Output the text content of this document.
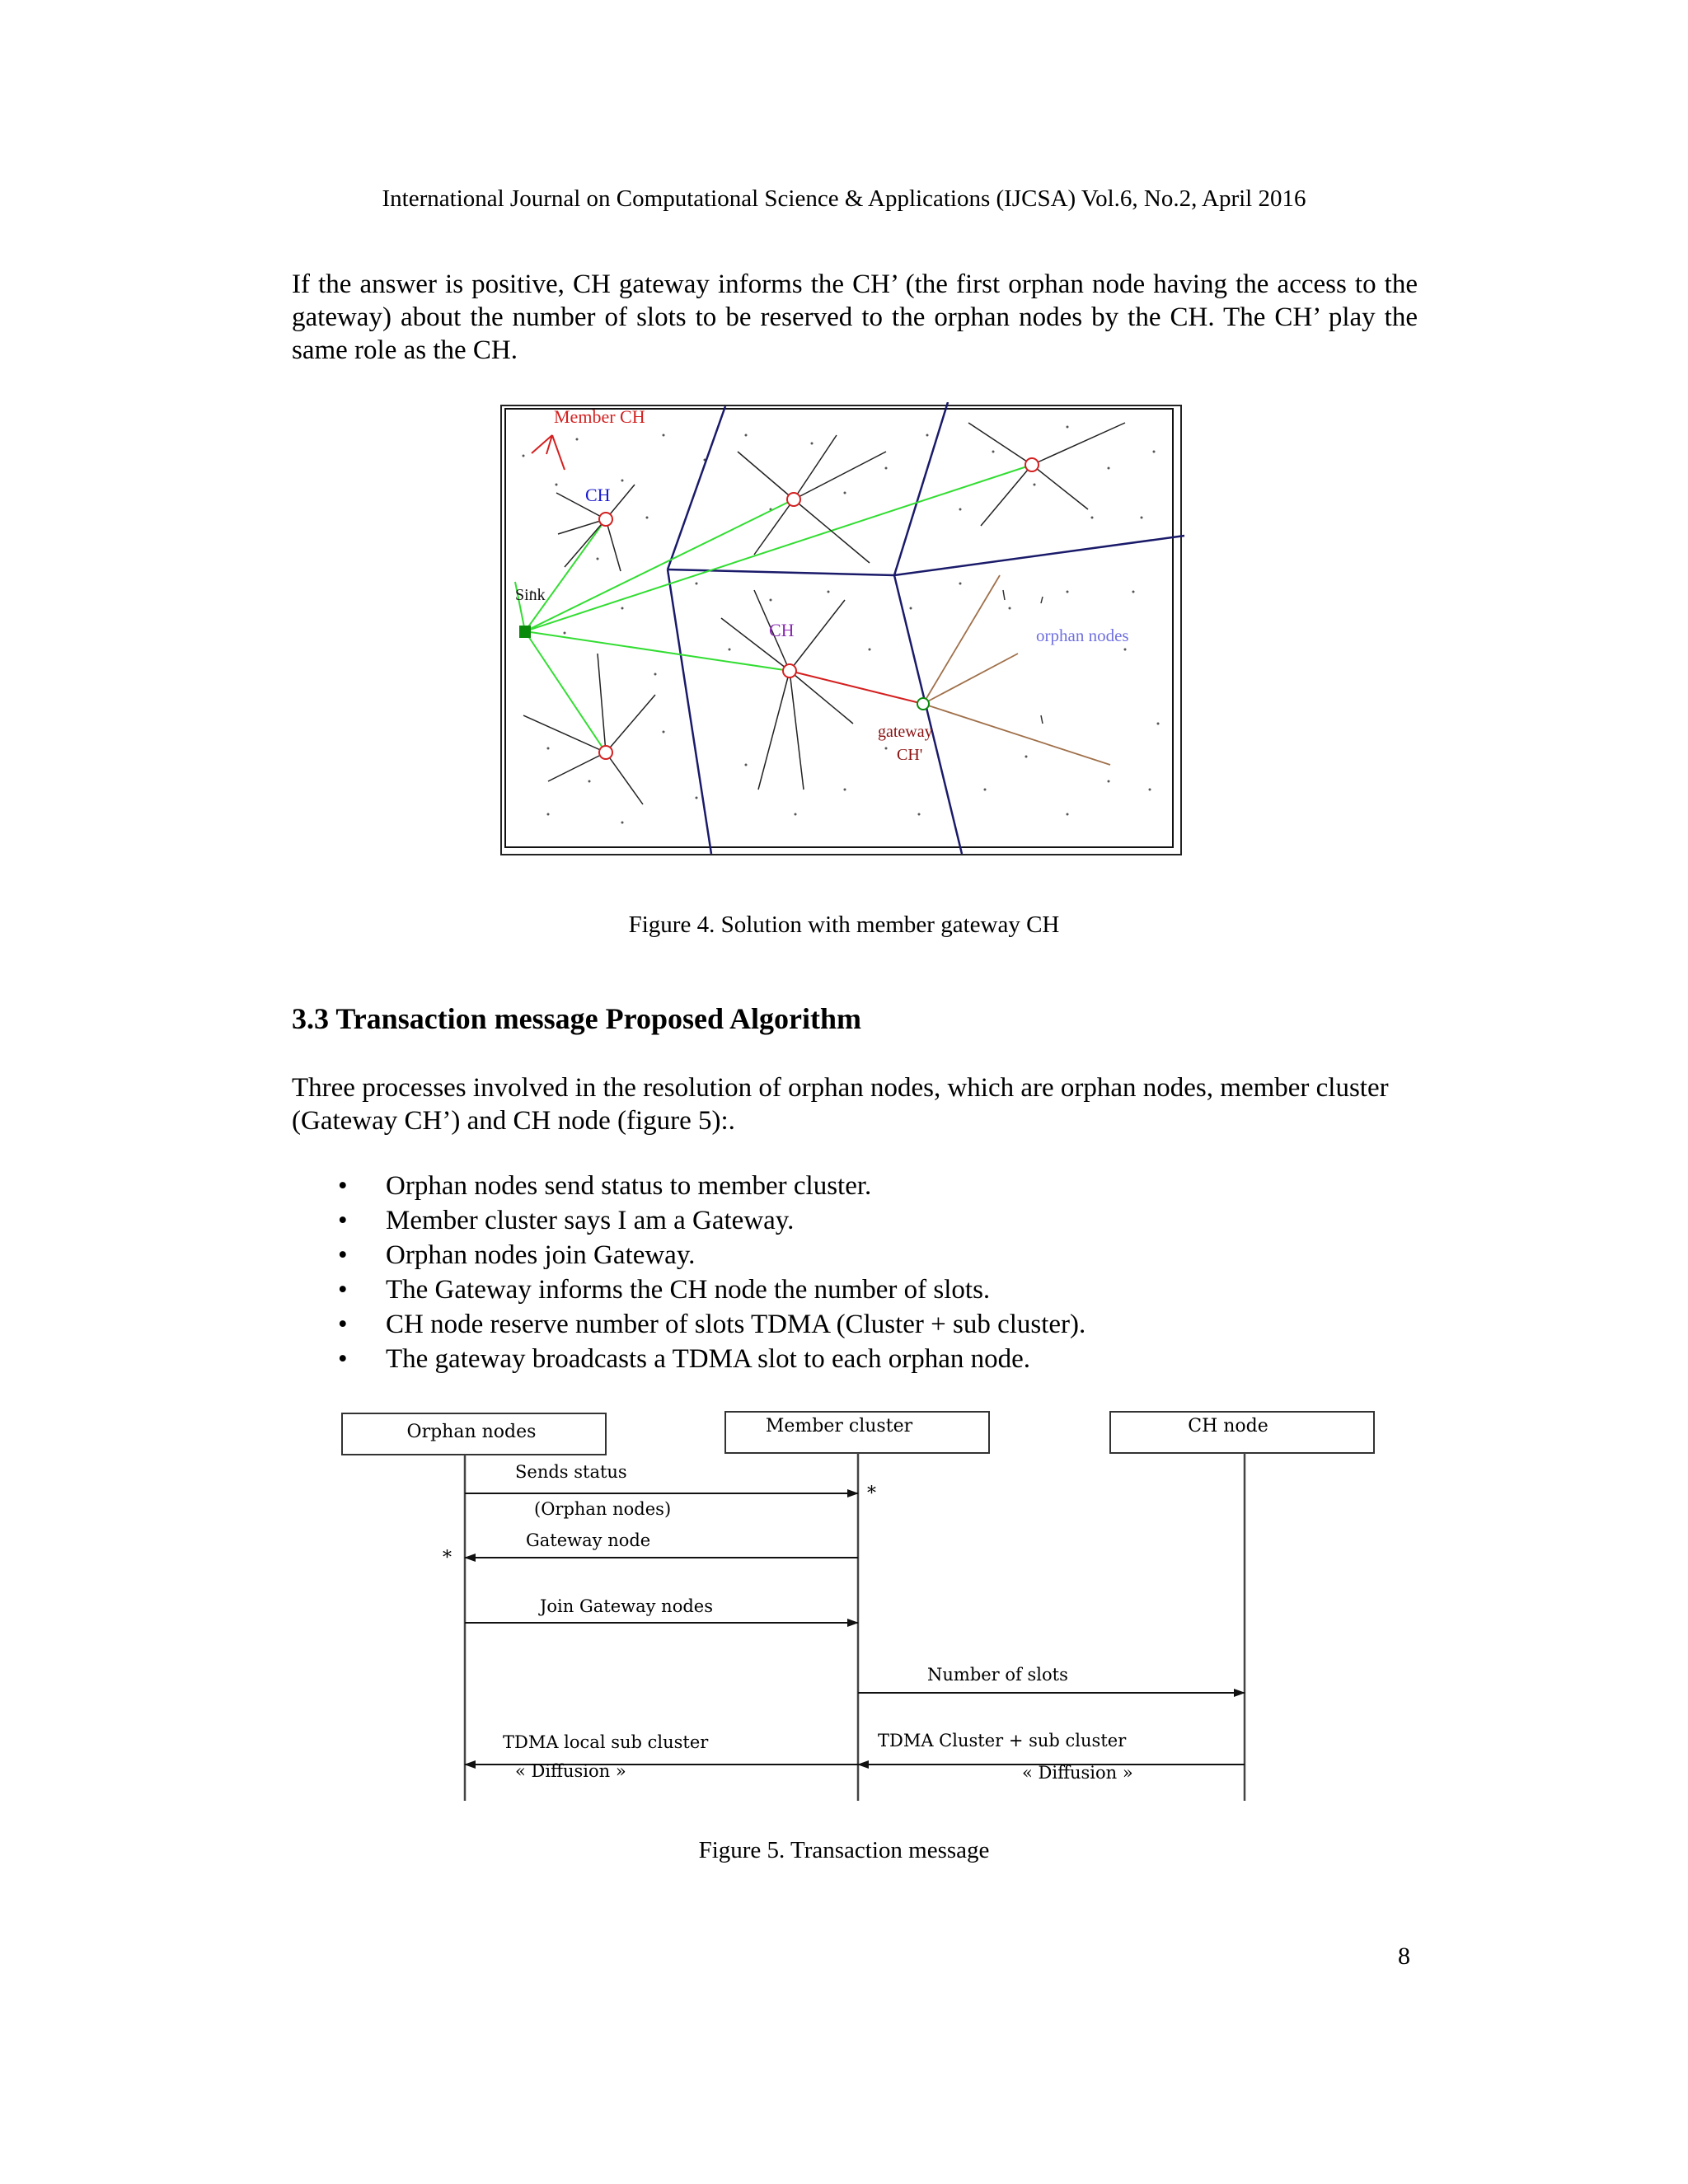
International Journal on Computational Science & Applications (IJCSA) Vol.6, No.2, April 2016
If the answer is positive, CH gateway informs the CH’ (the first orphan node having the access to the gateway) about the number of slots to be reserved to the orphan nodes by the CH. The CH’ play the same role as the CH.
Member CH
CH
Sink
CH	orphan nodes
gateway
CH'
Figure 4. Solution with member gateway CH
3.3 Transaction message Proposed Algorithm
Three processes involved in the resolution of orphan nodes, which are orphan nodes, member cluster (Gateway CH’) and CH node (figure 5):.
• Orphan nodes send status to member cluster.
• Member cluster says I am a Gateway.
• Orphan nodes join Gateway.
• The Gateway informs the CH node the number of slots.
• CH node reserve number of slots TDMA (Cluster + sub cluster).
• The gateway broadcasts a TDMA slot to each orphan node.
Orphan nodes	Member cluster	CH node
Sends status
*
(Orphan nodes)
Gateway node
*
Join Gateway nodes
Number of slots
TDMA local sub cluster	TDMA Cluster + sub cluster
« Diffusion »	« Diffusion »
Figure 5. Transaction message
8
